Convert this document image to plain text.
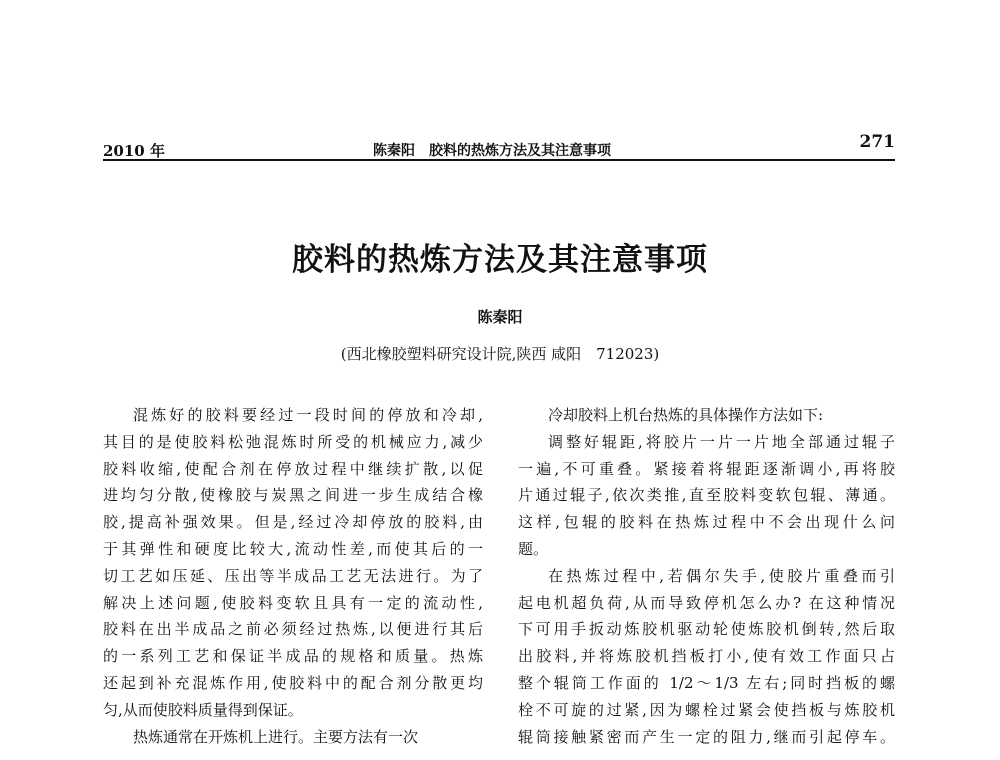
2010 年	陈秦阳　胶料的热炼方法及其注意事项	271
胶料的热炼方法及其注意事项
陈秦阳
(西北橡胶塑料研究设计院,陕西 咸阳　712023)
混炼好的胶料要经过一段时间的停放和冷却,
其目的是使胶料松弛混炼时所受的机械应力,减少
胶料收缩,使配合剂在停放过程中继续扩散,以促
进均匀分散,使橡胶与炭黑之间进一步生成结合橡
胶,提高补强效果。但是,经过冷却停放的胶料,由
于其弹性和硬度比较大,流动性差,而使其后的一
切工艺如压延、压出等半成品工艺无法进行。为了
解决上述问题,使胶料变软且具有一定的流动性,
胶料在出半成品之前必须经过热炼,以便进行其后
的一系列工艺和保证半成品的规格和质量。热炼
还起到补充混炼作用,使胶料中的配合剂分散更均
匀,从而使胶料质量得到保证。
热炼通常在开炼机上进行。主要方法有一次
冷却胶料上机台热炼的具体操作方法如下:
调整好辊距,将胶片一片一片地全部通过辊子
一遍,不可重叠。紧接着将辊距逐渐调小,再将胶
片通过辊子,依次类推,直至胶料变软包辊、薄通。
这样,包辊的胶料在热炼过程中不会出现什么问
题。
在热炼过程中,若偶尔失手,使胶片重叠而引
起电机超负荷,从而导致停机怎么办? 在这种情况
下可用手扳动炼胶机驱动轮使炼胶机倒转,然后取
出胶料,并将炼胶机挡板打小,使有效工作面只占
整个辊筒工作面的 1/2～1/3 左右;同时挡板的螺
栓不可旋的过紧,因为螺栓过紧会使挡板与炼胶机
辊筒接触紧密而产生一定的阻力,继而引起停车。
